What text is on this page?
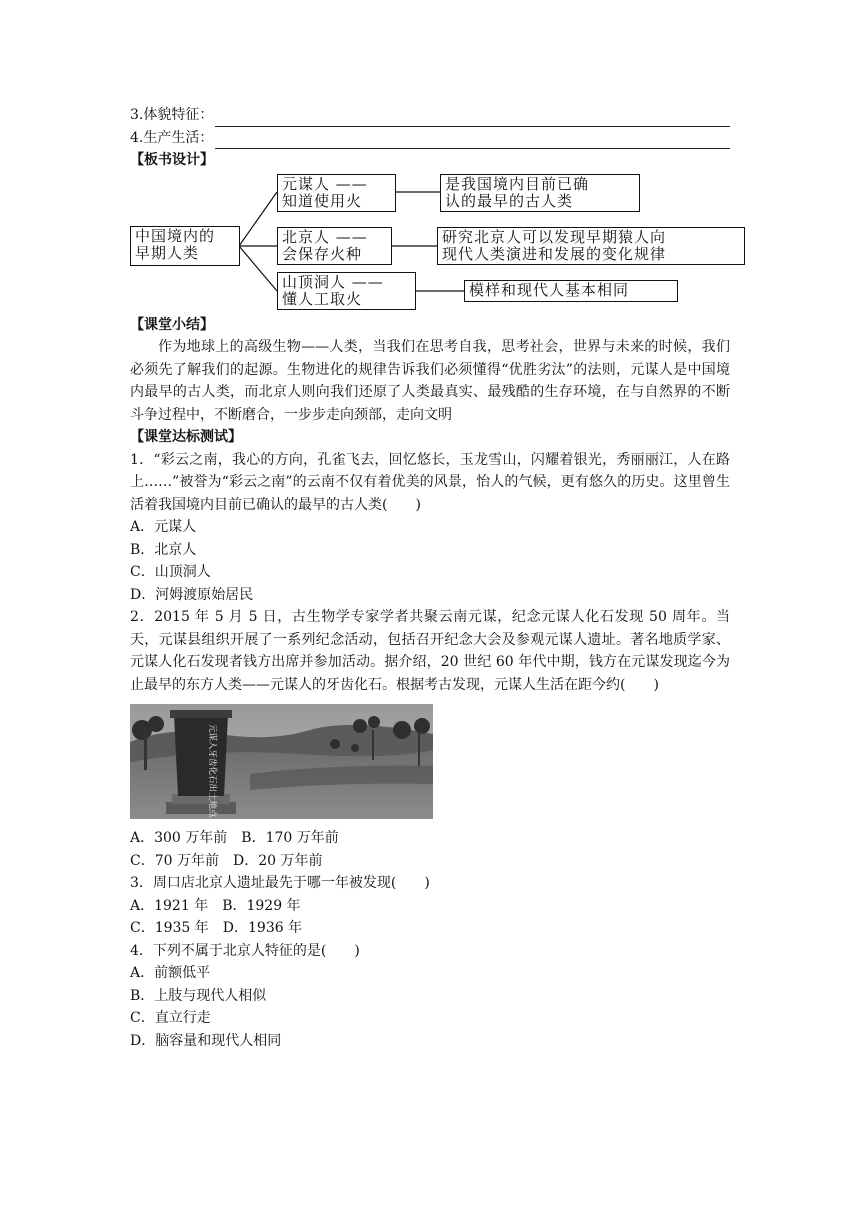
3.体貌特征：
4.生产生活：
【板书设计】
中国境内的
早期人类
元谋人 ——
知道使用火
北京人 ——
会保存火种
山顶洞人 ——
懂人工取火
是我国境内目前已确
认的最早的古人类
研究北京人可以发现早期猿人向
现代人类演进和发展的变化规律
模样和现代人基本相同
【课堂小结】
作为地球上的高级生物——人类，当我们在思考自我，思考社会，世界与未来的时候，我们必须先了解我们的起源。生物进化的规律告诉我们必须懂得“优胜劣汰”的法则，元谋人是中国境内最早的古人类，而北京人则向我们还原了人类最真实、最残酷的生存环境，在与自然界的不断斗争过程中，不断磨合，一步步走向颈部，走向文明
【课堂达标测试】
1．“彩云之南，我心的方向，孔雀飞去，回忆悠长，玉龙雪山，闪耀着银光，秀丽丽江，人在路上……”被誉为“彩云之南”的云南不仅有着优美的风景，怡人的气候，更有悠久的历史。这里曾生活着我国境内目前已确认的最早的古人类(　　)
A．元谋人
B．北京人
C．山顶洞人
D．河姆渡原始居民
2．2015 年 5 月 5 日，古生物学专家学者共聚云南元谋，纪念元谋人化石发现 50 周年。当天，元谋县组织开展了一系列纪念活动，包括召开纪念大会及参观元谋人遗址。著名地质学家、元谋人化石发现者钱方出席并参加活动。据介绍，20 世纪 60 年代中期，钱方在元谋发现迄今为止最早的东方人类——元谋人的牙齿化石。根据考古发现，元谋人生活在距今约(　　)
元谋人牙齿化石出土地点
A．300 万年前　B．170 万年前
C．70 万年前　D．20 万年前
3．周口店北京人遗址最先于哪一年被发现(　　)
A．1921 年　B．1929 年
C．1935 年　D．1936 年
4．下列不属于北京人特征的是(　　)
A．前额低平
B．上肢与现代人相似
C．直立行走
D．脑容量和现代人相同
